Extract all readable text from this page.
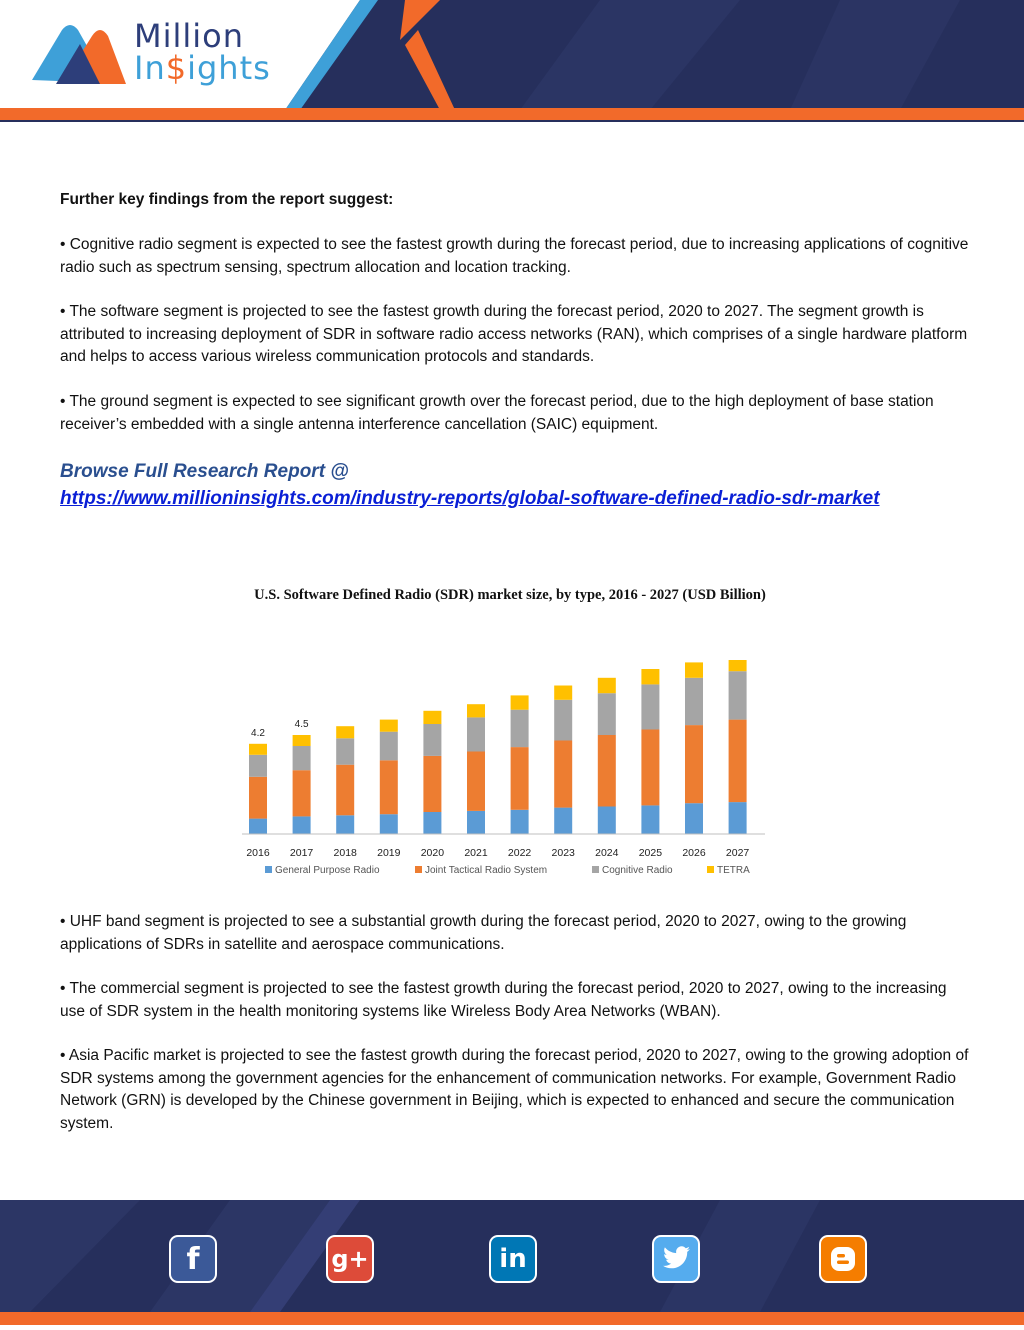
Million
In$ights
Further key findings from the report suggest:
• Cognitive radio segment is expected to see the fastest growth during the forecast period, due to increasing applications of cognitive radio such as spectrum sensing, spectrum allocation and location tracking.
• The software segment is projected to see the fastest growth during the forecast period, 2020 to 2027. The segment growth is attributed to increasing deployment of SDR in software radio access networks (RAN), which comprises of a single hardware platform and helps to access various wireless communication protocols and standards.
• The ground segment is expected to see significant growth over the forecast period, due to the high deployment of base station receiver’s embedded with a single antenna interference cancellation (SAIC) equipment.
Browse Full Research Report @
https://www.millioninsights.com/industry-reports/global-software-defined-radio-sdr-market
U.S. Software Defined Radio (SDR) market size, by type, 2016 - 2027 (USD Billion)
2016 2017 2018 2019 2020 2021 2022 2023 2024 2025 2026 2027
4.2
4.5
General Purpose Radio	Joint Tactical Radio System	Cognitive Radio	TETRA
• UHF band segment is projected to see a substantial growth during the forecast period, 2020 to 2027, owing to the growing applications of SDRs in satellite and aerospace communications.
• The commercial segment is projected to see the fastest growth during the forecast period, 2020 to 2027, owing to the increasing use of SDR system in the health monitoring systems like Wireless Body Area Networks (WBAN).
• Asia Pacific market is projected to see the fastest growth during the forecast period, 2020 to 2027, owing to the growing adoption of SDR systems among the government agencies for the enhancement of communication networks. For example, Government Radio Network (GRN) is developed by the Chinese government in Beijing, which is expected to enhanced and secure the communication system.
f	g+	in
